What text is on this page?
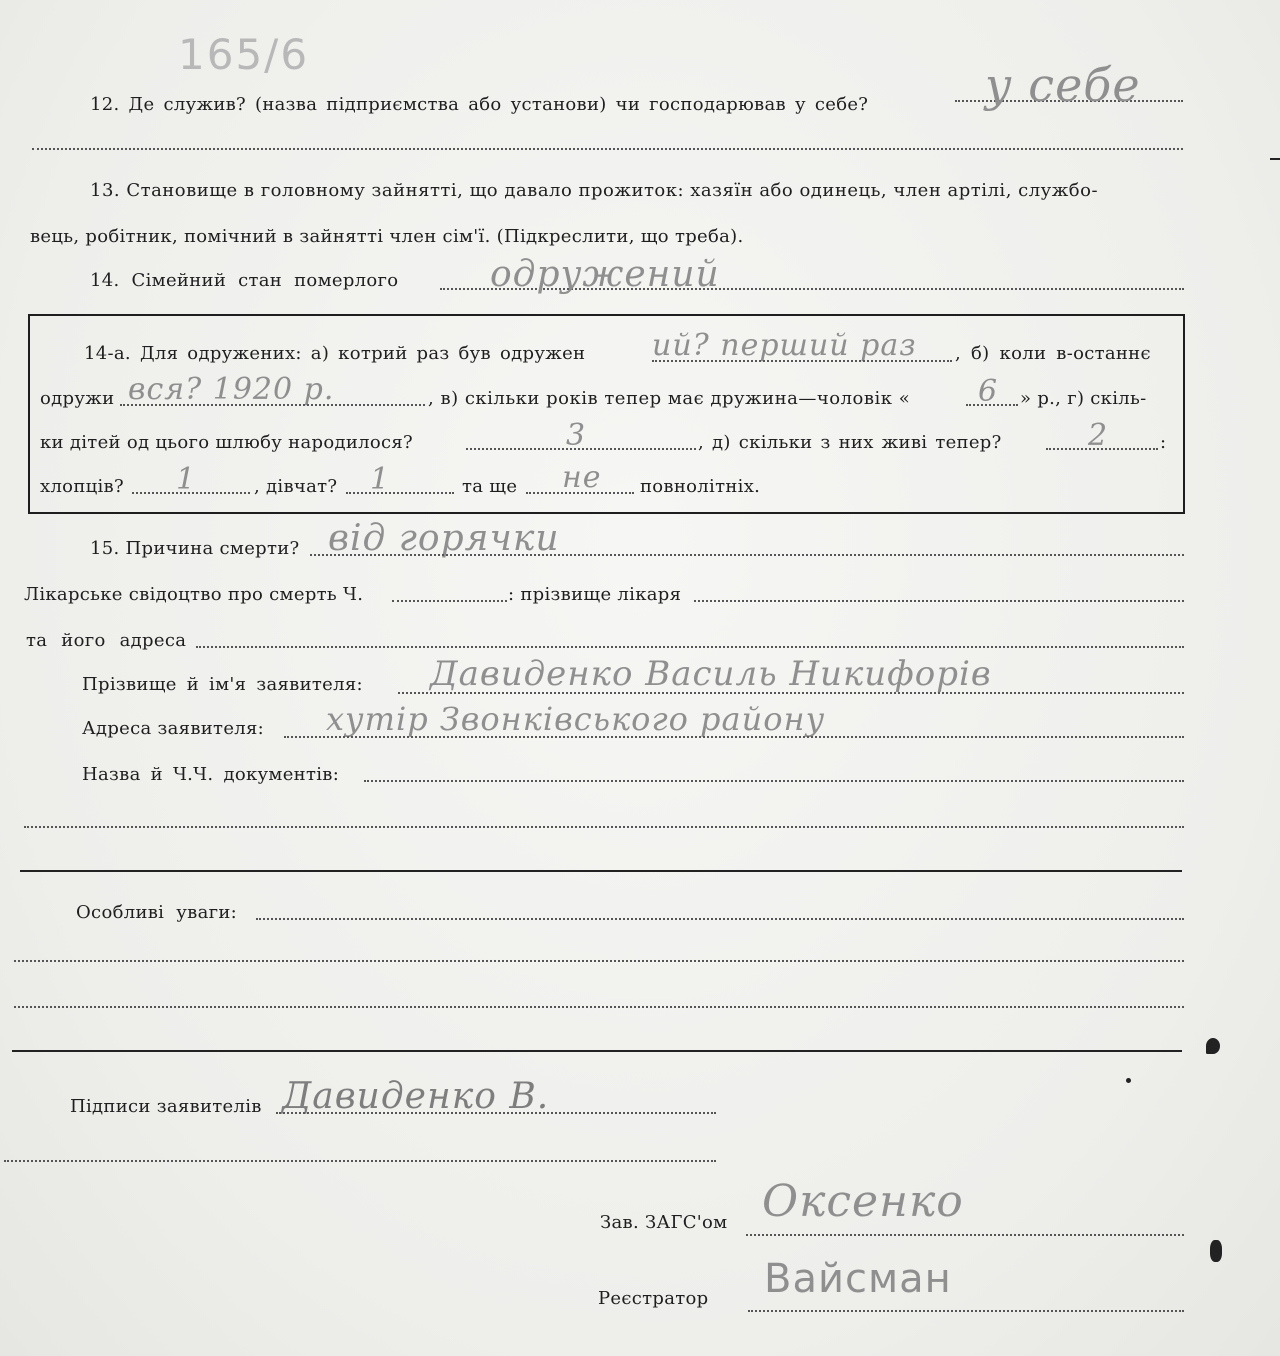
165/6
12. Де служив? (назва підприємства або установи) чи господарював у себе?	у себе
13. Становище в головному зайнятті, що давало прожиток: хазяїн або одинець, член артілі, службо-
вець, робітник, помічний в зайнятті член сім'ї. (Підкреслити, що треба).
14. Сімейний стан померлого	одружений
14-а. Для одружених: а) котрий раз був одружен ий? перший раз , б) коли в-останнє
одружи вся? 1920 р.	, в) скільки років тепер має дружина—чоловік « 6 » р., г) скіль-
ки дітей од цього шлюбу народилося?	3	, д) скільки з них живі тепер?	2	:
хлопців? 1	, дівчат? 1	та ще не повнолітніх.
15. Причина смерти? від горячки
Лікарське свідоцтво про смерть Ч.	: прізвище лікаря
та його адреса
Прізвище й ім'я заявителя: Давиденко Василь Никифорів
Адреса заявителя: хутір Звонківського району
Назва й Ч.Ч. документів:
Особливі уваги:
Підписи заявителів Давиденко В.
Зав. ЗАГС'ом Оксенко
Реєстратор Вайсман
